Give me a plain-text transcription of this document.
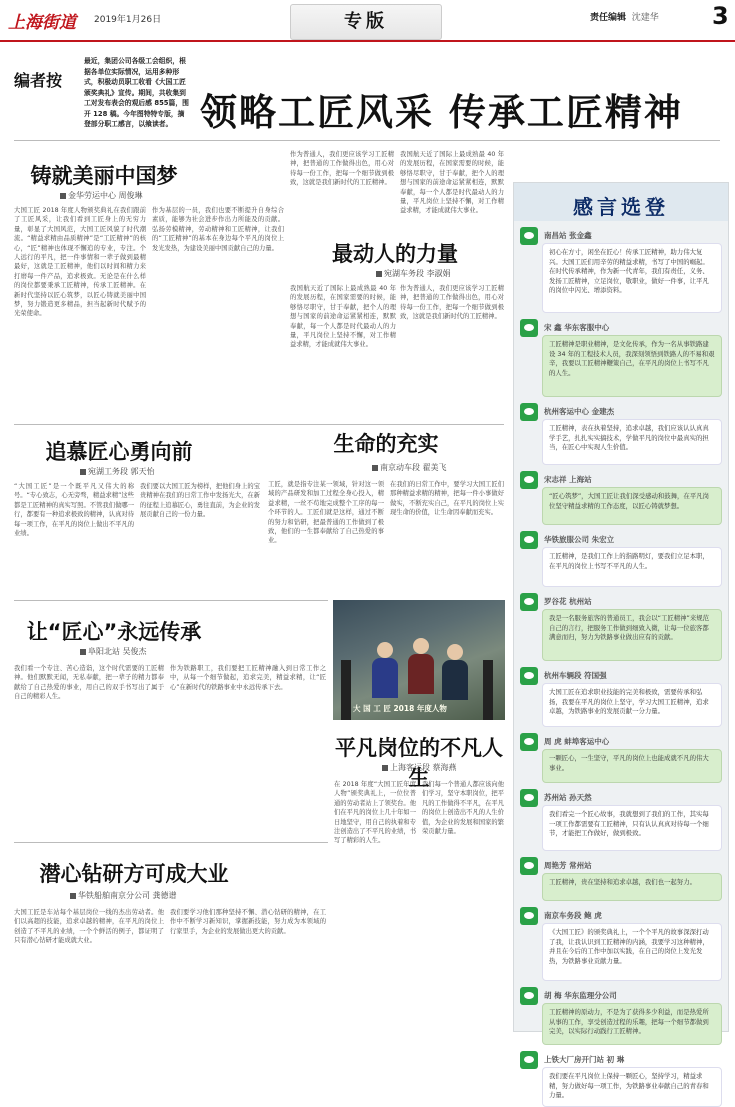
上海街道 2019年1月26日	专版	责任编辑 沈建华 3
编者按
最近，集团公司各级工会组织，根据各单位实际情况，运用多种形式，积极动员职工收看《大国工匠颁奖典礼》宣传。期间，共收集到工对发布表会的观后感 855篇，围开 128 稿。今年图特特专版，摘登部分职工感言，以飨读者。 领略工匠风采 传承工匠精神
铸就美丽中国梦
金华劳运中心 周俊琳
大国工匠 2018 年度人物颁奖典礼在我们跟前了工匠风采，让我们看到工匠身上的无穷力量，彰显了大国风范，大国工匠风貌了时代潮流。“精益求精由品质精神”是“工匠精神”的核心，“匠”精神也体现不懈追的专业，专注。个人远行的平凡，把一件事情和一辈子做到最精最好，这就是工匠精神，他们以时间和精力来打磨每一件产品，追求极致。无论是在什么样的岗位都要秉承工匠精神，传承工匠精神。在新时代坚持以匠心筑梦，以匠心铸就美丽中国梦，努力锻造更多精品，担当起新时代赋予的光荣使命。
作为基层的一员，我们也要不断提升自身综合素质，能够为社会进步作出力所能及的贡献。弘扬劳模精神，劳动精神和工匠精神，让我们的“工匠精神”的基本在身边每个平凡的岗位上发光发热，为建设美丽中国贡献自己的力量。
作为普通人，我们更应该学习工匠精神，把普通的工作做得出色，用心对待每一份工作，把每一个细节做到极致，这就是我们新时代的工匠精神。
最动人的力量
宛湖车务段 李淑娟
我国航天近了国际上最成熟最 40 年的发展历程，在国家需要的时候，能够恪尽职守，甘于奉献，把个人的理想与国家的前途命运紧紧相连，默默奉献，每一个人都是时代最动人的力量，平凡岗位上坚持不懈，对工作精益求精，才能成就伟大事业。
作为普通人，我们更应该学习工匠精神，把普通的工作做得出色，用心对待每一份工作，把每一个细节做到极致，这就是我们新时代的工匠精神。
我国航天近了国际上最成熟最 40 年的发展历程，在国家需要的时候，能够恪尽职守，甘于奉献，把个人的理想与国家的前途命运紧紧相连，默默奉献，每一个人都是时代最动人的力量，平凡岗位上坚持不懈，对工作精益求精，才能成就伟大事业。
追慕匠心勇向前
宛湖工务段 郭天怡
“大国工匠”是一个既平凡又伟大的称号。“专心致志，心无旁骛，精益求精”这些都是工匠精神的真实写照。不管我们做哪一行，都要有一种追求极致的精神，认真对待每一项工作，在平凡的岗位上做出不平凡的业绩。
我们要以大国工匠为榜样，把他们身上的宝贵精神在我们的日常工作中发扬光大，在新的征程上追慕匠心，勇往直前，为企业的发展贡献自己的一份力量。
生命的充实
南京动车段 翟美飞
工匠，就是指专注某一领域，针对这一领域的产品研发和加工过程全身心投入，精益求精，一丝不苟地完成整个工序的每一个环节的人。工匠们就是这样，通过不断的努力和钻研，把最普通的工作做到了极致，他们的一生都奉献给了自己热爱的事业。
在我们的日常工作中，要学习大国工匠们那种精益求精的精神，把每一件小事做好做实，不断充实自己，在平凡的岗位上实现生命的价值，让生命因奉献而充实。
让“匠心”永远传承
阜阳北站 吴俊杰
我们看一个专注、苦心造诣，这个时代需要的工匠精神。他们默默无闻，无私奉献，把一辈子的精力都奉献给了自己热爱的事业，用自己的双手书写出了属于自己的精彩人生。
作为铁路职工，我们要把工匠精神融入到日常工作之中，从每一个细节做起，追求完美，精益求精，让“匠心”在新时代的铁路事业中永远传承下去。
大 国 工 匠 2018 年度人物
平凡岗位的不凡人生
上海客运段 蔡海燕
在 2018 年度“大国工匠年度人物”颁奖典礼上，一位位普通的劳动者站上了领奖台。他们在平凡的岗位上几十年如一日地坚守，用自己的执着和专注创造出了不平凡的业绩，书写了精彩的人生。
我们每一个普通人都应该向他们学习，坚守本职岗位，把平凡的工作做得不平凡，在平凡的岗位上创造出不凡的人生价值，为企业的发展和国家的繁荣贡献力量。
潜心钻研方可成大业
华铁船舶南京分公司 龚德谱
大国工匠是车站每个基层岗位一线的杰出劳动者。他们以高超的技能，追求卓越的精神，在平凡的岗位上创造了不平凡的业绩，一个个鲜活的例子，都证明了只有潜心钻研才能成就大业。
我们要学习他们那种坚持不懈、潜心钻研的精神，在工作中不断学习新知识，掌握新技能，努力成为本领域的行家里手，为企业的发展做出更大的贡献。
感言选登
南昌站 张金鑫
初心在方寸，闲坐在匠心！传承工匠精神，助力伟大复兴。大国工匠们用辛劳的精益求精，书写了中国的崛起。在时代传承精神，作为新一代青年，我们有责任，义务、发扬工匠精神，立足岗位，敬职业，做好一件事，让平凡的岗位中闪光、增添资料。
宋 鑫 华东客服中心
工匠精神是职业精神，是文化传承，作为一名从事铁路建设 34 年的工程技术人员，我深刻领悟到铁路人的不易和艰辛，我要以工匠精神鞭策自己，在平凡的岗位上书写不凡的人生。
杭州客运中心 金建杰
工匠精神，表在执着坚持，追求卓越，我们应该认认真真学手艺，扎扎实实搞技术，学做平凡的岗位中最真实的担当，在匠心中实现人生价值。
宋志祥 上海站
“匠心筑梦”，大国工匠让我们深受感动和鼓舞，在平凡岗位坚守精益求精的工作态度，以匠心铸就梦想。
华铁旅服公司 朱宏立
工匠精神，是我们工作上的指路明灯，要我们立足本职，在平凡的岗位上书写不平凡的人生。
罗谷花 杭州站
我是一名服务旅客的普通员工，我会以“工匠精神”来规范自己的言行，把服务工作做到细致入微，让每一位旅客都满意而归，努力为铁路事业做出应有的贡献。
杭州车辆段 符国强
大国工匠在追求职业技能的完美和极致，需要传承和弘扬，我要在平凡的岗位上坚守，学习大国工匠精神，追求卓越，为铁路事业的发展贡献一分力量。
周 虎 蚌埠客运中心
一颗匠心，一生坚守，平凡的岗位上也能成就不凡的伟大事业。
苏州站 孙天然
我们看完一个匠心故事，我就想到了我们的工作，其实每一项工作都需要有工匠精神，只有认认真真对待每一个细节，才能把工作做好，做到极致。
周艳芳 常州站
工匠精神，贵在坚持和追求卓越，我们也一起努力。
南京车务段 鲍 虎
《大国工匠》的颁奖典礼上，一个个平凡的故事深深打动了我，让我认识到工匠精神的内涵，我要学习这种精神，并且在今后的工作中加以实践，在自己的岗位上发光发热，为铁路事业贡献力量。
胡 梅 华东监理分公司
工匠精神的原动力，不是为了获得多少利益，而是热爱所从事的工作，享受创造过程的乐趣，把每一个细节都做到完美，以实际行动践行工匠精神。
上铁大厂房开门站 初 琳
我们要在平凡岗位上保持一颗匠心，坚持学习，精益求精，努力做好每一项工作，为铁路事业奉献自己的青春和力量。
